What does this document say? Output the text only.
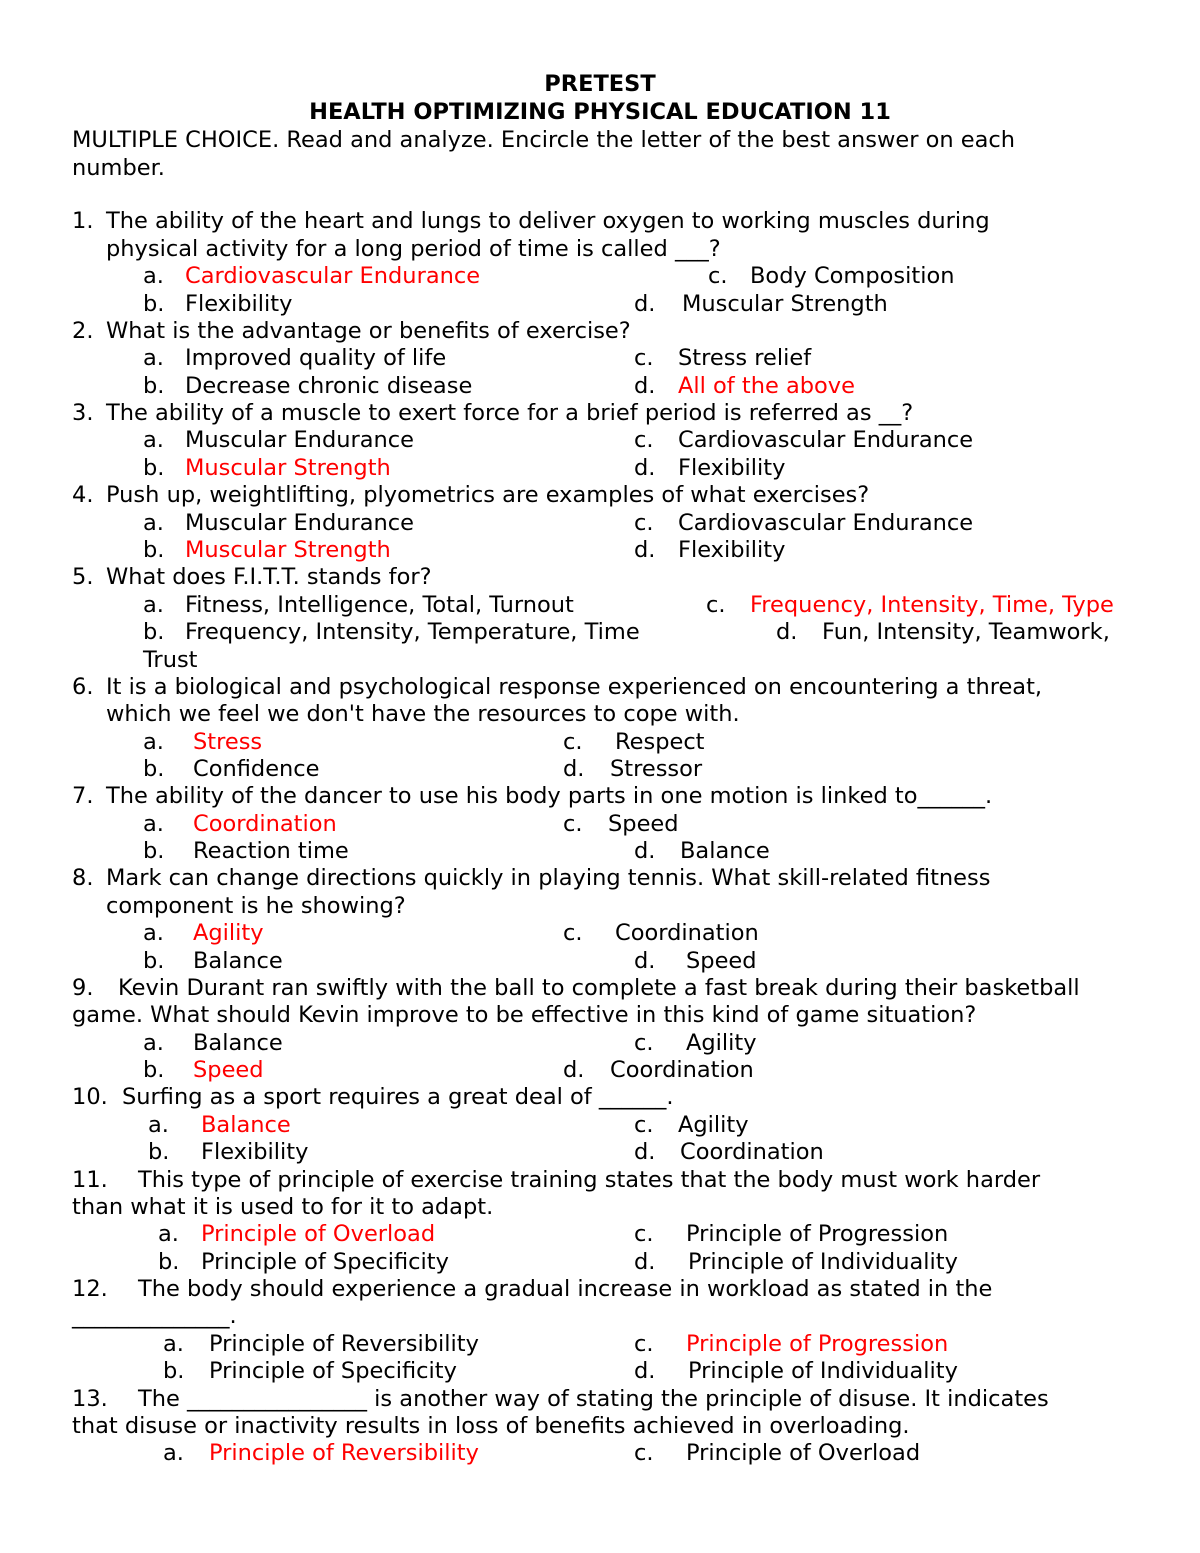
PRETEST
HEALTH OPTIMIZING PHYSICAL EDUCATION 11
MULTIPLE CHOICE. Read and analyze. Encircle the letter of the best answer on each
number.
1. The ability of the heart and lungs to deliver oxygen to working muscles during
physical activity for a long period of time is called ___?
a. Cardiovascular Endurance
b. Flexibility
c. Body Composition
d. Muscular Strength
2. What is the advantage or benefits of exercise?
a. Improved quality of life
b. Decrease chronic disease
c. Stress relief
d. All of the above
3. The ability of a muscle to exert force for a brief period is referred as __?
a. Muscular Endurance
b. Muscular Strength
c. Cardiovascular Endurance
d. Flexibility
4. Push up, weightlifting, plyometrics are examples of what exercises?
a. Muscular Endurance
b. Muscular Strength
c. Cardiovascular Endurance
d. Flexibility
5. What does F.I.T.T. stands for?
a. Fitness, Intelligence, Total, Turnout
b. Frequency, Intensity, Temperature, Time
c. Frequency, Intensity, Time, Type
d. Fun, Intensity, Teamwork,
Trust
6. It is a biological and psychological response experienced on encountering a threat,
which we feel we don't have the resources to cope with.
a. Stress
b. Confidence
c. Respect
d. Stressor
7. The ability of the dancer to use his body parts in one motion is linked to______.
a. Coordination
b. Reaction time
c. Speed
d. Balance
8. Mark can change directions quickly in playing tennis. What skill-related fitness
component is he showing?
a. Agility
b. Balance
c. Coordination
d. Speed
9. Kevin Durant ran swiftly with the ball to complete a fast break during their basketball
game. What should Kevin improve to be effective in this kind of game situation?
a. Balance
b. Speed
c. Agility
d. Coordination
10. Surfing as a sport requires a great deal of ______.
a. Balance
b. Flexibility
c. Agility
d. Coordination
11. This type of principle of exercise training states that the body must work harder
than what it is used to for it to adapt.
a. Principle of Overload
b. Principle of Specificity
c. Principle of Progression
d. Principle of Individuality
12. The body should experience a gradual increase in workload as stated in the
______________.
a. Principle of Reversibility
b. Principle of Specificity
c. Principle of Progression
d. Principle of Individuality
13. The ________________ is another way of stating the principle of disuse. It indicates
that disuse or inactivity results in loss of benefits achieved in overloading.
a. Principle of Reversibility	c. Principle of Overload
